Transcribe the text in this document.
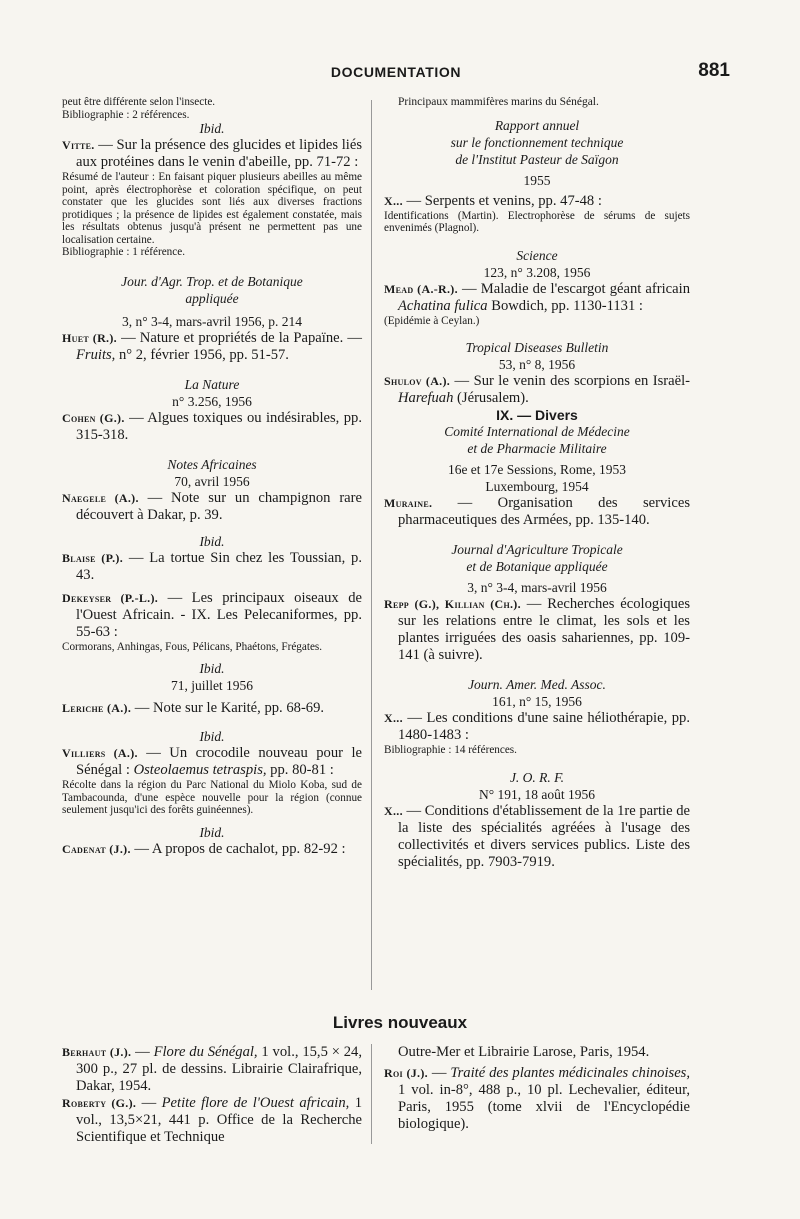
DOCUMENTATION	881

peut être différente selon l'insecte.

Bibliographie : 2 références.

Ibid.

Vitte. — Sur la présence des glucides et lipides liés aux protéines dans le venin d'abeille, pp. 71-72 :

Résumé de l'auteur : En faisant piquer plusieurs abeilles au même point, après électrophorèse et coloration spécifique, on peut constater que les glucides sont liés aux diverses fractions protidiques ; la présence de lipides est également constatée, mais les résultats obtenus jusqu'à présent ne permettent pas une localisation certaine.

Bibliographie : 1 référence.

Jour. d'Agr. Trop. et de Botanique

appliquée

3, n° 3-4, mars-avril 1956, p. 214

Huet (R.). — Nature et propriétés de la Papaïne. — Fruits, n° 2, février 1956, pp. 51-57.

La Nature

n° 3.256, 1956

Cohen (G.). — Algues toxiques ou indésirables, pp. 315-318.

Notes Africaines

70, avril 1956

Naegele (A.). — Note sur un champignon rare découvert à Dakar, p. 39.

Ibid.

Blaise (P.). — La tortue Sin chez les Toussian, p. 43.

Dekeyser (P.-L.). — Les principaux oiseaux de l'Ouest Africain. - IX. Les Pelecaniformes, pp. 55-63 :

Cormorans, Anhingas, Fous, Pélicans, Phaétons, Frégates.

Ibid.

71, juillet 1956

Leriche (A.). — Note sur le Karité, pp. 68-69.

Ibid.

Villiers (A.). — Un crocodile nouveau pour le Sénégal : Osteolaemus tetraspis, pp. 80-81 :

Récolte dans la région du Parc National du Miolo Koba, sud de Tambacounda, d'une espèce nouvelle pour la région (connue seulement jusqu'ici des forêts guinéennes).

Ibid.

Cadenat (J.). — A propos de cachalot, pp. 82-92 :

Principaux mammifères marins du Sénégal.

Rapport annuel

sur le fonctionnement technique

de l'Institut Pasteur de Saïgon

1955

X... — Serpents et venins, pp. 47-48 :

Identifications (Martin). Electrophorèse de sérums de sujets envenimés (Plagnol).

Science

123, n° 3.208, 1956

Mead (A.-R.). — Maladie de l'escargot géant africain Achatina fulica Bowdich, pp. 1130-1131 :

(Epidémie à Ceylan.)

Tropical Diseases Bulletin

53, n° 8, 1956

Shulov (A.). — Sur le venin des scorpions en Israël-Harefuah (Jérusalem).

IX. — Divers

Comité International de Médecine

et de Pharmacie Militaire

16e et 17e Sessions, Rome, 1953

Luxembourg, 1954

Muraine. — Organisation des services pharmaceutiques des Armées, pp. 135-140.

Journal d'Agriculture Tropicale

et de Botanique appliquée

3, n° 3-4, mars-avril 1956

Repp (G.), Killian (Ch.). — Recherches écologiques sur les relations entre le climat, les sols et les plantes irriguées des oasis sahariennes, pp. 109-141 (à suivre).

Journ. Amer. Med. Assoc.

161, n° 15, 1956

X... — Les conditions d'une saine héliothérapie, pp. 1480-1483 :

Bibliographie : 14 références.

J. O. R. F.

N° 191, 18 août 1956

X... — Conditions d'établissement de la 1re partie de la liste des spécialités agréées à l'usage des collectivités et divers services publics. Liste des spécialités, pp. 7903-7919.

Livres nouveaux

Berhaut (J.). — Flore du Sénégal, 1 vol., 15,5 × 24, 300 p., 27 pl. de dessins. Librairie Clairafrique, Dakar, 1954.

Roberty (G.). — Petite flore de l'Ouest africain, 1 vol., 13,5×21, 441 p. Office de la Recherche Scientifique et Technique

Outre-Mer et Librairie Larose, Paris, 1954.

Roi (J.). — Traité des plantes médicinales chinoises, 1 vol. in-8°, 488 p., 10 pl. Lechevalier, éditeur, Paris, 1955 (tome xlvii de l'Encyclopédie biologique).
